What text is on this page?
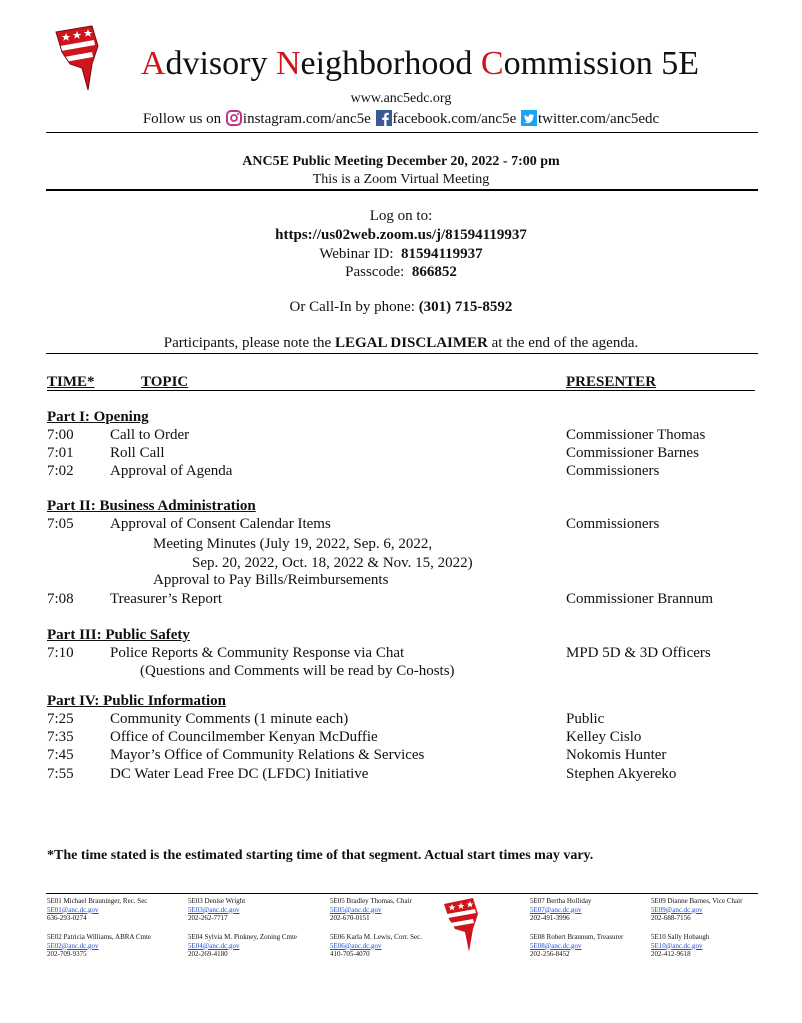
Advisory Neighborhood Commission 5E
www.anc5edc.org
Follow us on instagram.com/anc5e facebook.com/anc5e twitter.com/anc5edc
ANC5E Public Meeting December 20, 2022 - 7:00 pm
This is a Zoom Virtual Meeting
Log on to:
https://us02web.zoom.us/j/81594119937
Webinar ID: 81594119937
Passcode: 866852
Or Call-In by phone: (301) 715-8592
Participants, please note the LEGAL DISCLAIMER at the end of the agenda.
TIME*	TOPIC	PRESENTER
Part I: Opening
7:00 Call to Order	Commissioner Thomas
7:01 Roll Call	Commissioner Barnes
7:02 Approval of Agenda	Commissioners
Part II: Business Administration
7:05 Approval of Consent Calendar Items	Commissioners
Meeting Minutes (July 19, 2022, Sep. 6, 2022,
Sep. 20, 2022, Oct. 18, 2022 & Nov. 15, 2022)
Approval to Pay Bills/Reimbursements
7:08 Treasurer’s Report	Commissioner Brannum
Part III: Public Safety
7:10 Police Reports & Community Response via Chat	MPD 5D & 3D Officers
(Questions and Comments will be read by Co-hosts)
Part IV: Public Information
7:25 Community Comments (1 minute each)	Public
7:35 Office of Councilmember Kenyan McDuffie	Kelley Cislo
7:45 Mayor’s Office of Community Relations & Services	Nokomis Hunter
7:55 DC Water Lead Free DC (LFDC) Initiative	Stephen Akyereko
*The time stated is the estimated starting time of that segment. Actual start times may vary.
5E01 Michael Brauninger, Rec. Sec
5E01@anc.dc.gov
636-293-0274
5E03 Denise Wright
5E03@anc.dc.gov
202-262-7717
5E05 Bradley Thomas, Chair
5E05@anc.dc.gov
202-670-0151
5E07 Bertha Holliday
5E07@anc.dc.gov
202-491-3996
5E09 Dianne Barnes, Vice Chair
5E09@anc.dc.gov
202-688-7156
5E02 Patricia Williams, ABRA Cmte
5E02@anc.dc.gov
202-709-9375
5E04 Sylvia M. Pinkney, Zoning Cmte
5E04@anc.dc.gov
202-269-4180
5E06 Karla M. Lewis, Corr. Sec.
5E06@anc.dc.gov
410-705-4070
5E08 Robert Brannum, Treasurer
5E08@anc.dc.gov
202-256-8452
5E10 Sally Hobaugh
5E10@anc.dc.gov
202-412-9618
